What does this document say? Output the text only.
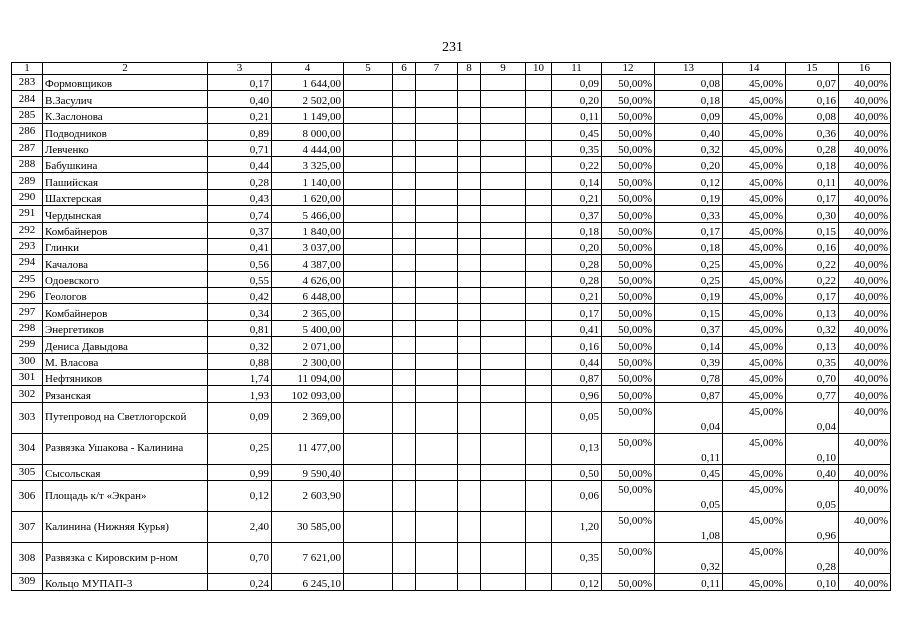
231
1	2	3	4	5	6	7	8	9	10	11	12	13	14	15	16
283	Формовщиков	0,17	1 644,00							0,09	50,00%	0,08	45,00%	0,07	40,00%
284	В.Засулич	0,40	2 502,00							0,20	50,00%	0,18	45,00%	0,16	40,00%
285	К.Заслонова	0,21	1 149,00							0,11	50,00%	0,09	45,00%	0,08	40,00%
286	Подводников	0,89	8 000,00							0,45	50,00%	0,40	45,00%	0,36	40,00%
287	Левченко	0,71	4 444,00							0,35	50,00%	0,32	45,00%	0,28	40,00%
288	Бабушкина	0,44	3 325,00							0,22	50,00%	0,20	45,00%	0,18	40,00%
289	Пашийская	0,28	1 140,00							0,14	50,00%	0,12	45,00%	0,11	40,00%
290	Шахтерская	0,43	1 620,00							0,21	50,00%	0,19	45,00%	0,17	40,00%
291	Чердынская	0,74	5 466,00							0,37	50,00%	0,33	45,00%	0,30	40,00%
292	Комбайнеров	0,37	1 840,00							0,18	50,00%	0,17	45,00%	0,15	40,00%
293	Глинки	0,41	3 037,00							0,20	50,00%	0,18	45,00%	0,16	40,00%
294	Качалова	0,56	4 387,00							0,28	50,00%	0,25	45,00%	0,22	40,00%
295	Одоевского	0,55	4 626,00							0,28	50,00%	0,25	45,00%	0,22	40,00%
296	Геологов	0,42	6 448,00							0,21	50,00%	0,19	45,00%	0,17	40,00%
297	Комбайнеров	0,34	2 365,00							0,17	50,00%	0,15	45,00%	0,13	40,00%
298	Энергетиков	0,81	5 400,00							0,41	50,00%	0,37	45,00%	0,32	40,00%
299	Дениса Давыдова	0,32	2 071,00							0,16	50,00%	0,14	45,00%	0,13	40,00%
300	М. Власова	0,88	2 300,00							0,44	50,00%	0,39	45,00%	0,35	40,00%
301	Нефтяников	1,74	11 094,00							0,87	50,00%	0,78	45,00%	0,70	40,00%
302	Рязанская	1,93	102 093,00							0,96	50,00%	0,87	45,00%	0,77	40,00%
303	Путепровод на Светлогорской	0,09	2 369,00							0,05	50,00%	0,04	45,00%	0,04	40,00%
304	Развязка Ушакова - Калинина	0,25	11 477,00							0,13	50,00%	0,11	45,00%	0,10	40,00%
305	Сысольская	0,99	9 590,40							0,50	50,00%	0,45	45,00%	0,40	40,00%
306	Площадь к/т «Экран»	0,12	2 603,90							0,06	50,00%	0,05	45,00%	0,05	40,00%
307	Калинина (Нижняя Курья)	2,40	30 585,00							1,20	50,00%	1,08	45,00%	0,96	40,00%
308	Развязка с Кировским р-ном	0,70	7 621,00							0,35	50,00%	0,32	45,00%	0,28	40,00%
309	Кольцо МУПАП-3	0,24	6 245,10							0,12	50,00%	0,11	45,00%	0,10	40,00%
